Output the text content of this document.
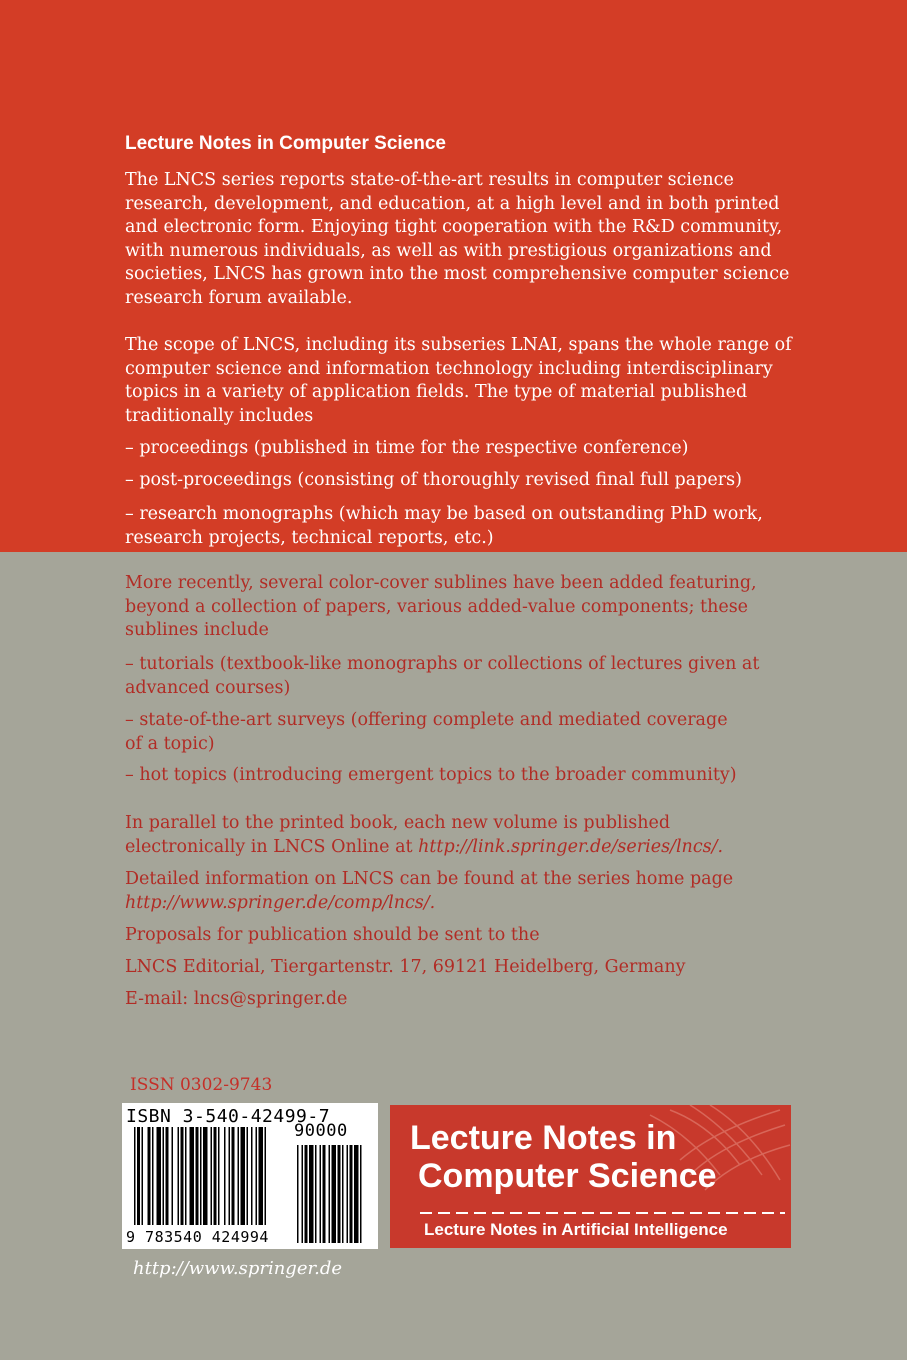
Lecture Notes in Computer Science
The LNCS series reports state-of-the-art results in computer science
research, development, and education, at a high level and in both printed
and electronic form. Enjoying tight cooperation with the R&D community,
with numerous individuals, as well as with prestigious organizations and
societies, LNCS has grown into the most comprehensive computer science
research forum available.
The scope of LNCS, including its subseries LNAI, spans the whole range of
computer science and information technology including interdisciplinary
topics in a variety of application fields. The type of material published
traditionally includes
– proceedings (published in time for the respective conference)
– post-proceedings (consisting of thoroughly revised final full papers)
– research monographs (which may be based on outstanding PhD work,
research projects, technical reports, etc.)
More recently, several color-cover sublines have been added featuring,
beyond a collection of papers, various added-value components; these
sublines include
– tutorials (textbook-like monographs or collections of lectures given at
advanced courses)
– state-of-the-art surveys (offering complete and mediated coverage
of a topic)
– hot topics (introducing emergent topics to the broader community)
In parallel to the printed book, each new volume is published
electronically in LNCS Online at http://link.springer.de/series/lncs/.
Detailed information on LNCS can be found at the series home page
http://www.springer.de/comp/lncs/.
Proposals for publication should be sent to the
LNCS Editorial, Tiergartenstr. 17, 69121 Heidelberg, Germany
E-mail: lncs@springer.de
ISSN 0302-9743
ISBN 3-540-42499-7
90000
9 783540 424994
Lecture Notes in
Computer Science
Lecture Notes in Artificial Intelligence
http://www.springer.de
